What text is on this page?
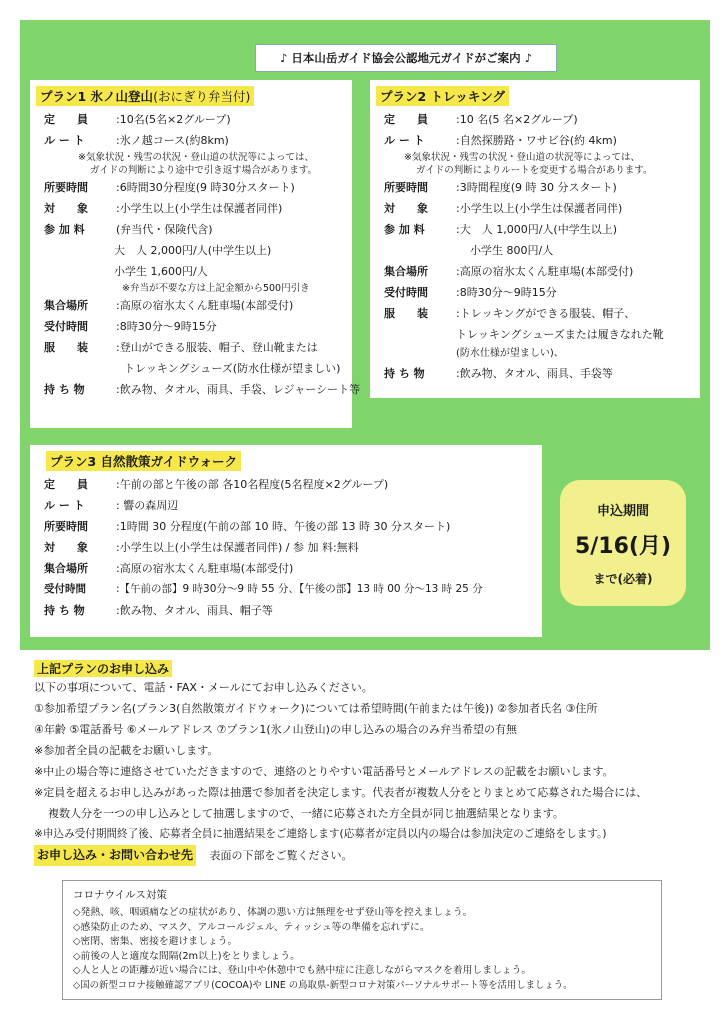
♪ 日本山岳ガイド協会公認地元ガイドがご案内 ♪
プラン1 氷ノ山登山(おにぎり弁当付)
定　　員	:10名(5名×2グループ)
ル ー ト	:氷ノ越コース(約8km)
※気象状況・残雪の状況・登山道の状況等によっては、
ガイドの判断により途中で引き返す場合があります。
所要時間	:6時間30分程度(9 時30分スタート)
対　　象	:小学生以上(小学生は保護者同伴)
参 加 料	(弁当代・保険代含)
大　人 2,000円/人(中学生以上)
小学生 1,600円/人
※弁当が不要な方は上記金額から500円引き
集合場所	:高原の宿氷太くん駐車場(本部受付)
受付時間	:8時30分～9時15分
服　　装	:登山ができる服装、帽子、登山靴または
トレッキングシューズ(防水仕様が望ましい)
持 ち 物	:飲み物、タオル、雨具、手袋、レジャーシート等
プラン2 トレッキング
定　　員	:10 名(5 名×2グループ)
ル ー ト	:自然探勝路・ワサビ谷(約 4km)
※気象状況・残雪の状況・登山道の状況等によっては、
ガイドの判断によりルートを変更する場合があります。
所要時間	:3時間程度(9 時 30 分スタート)
対　　象	:小学生以上(小学生は保護者同伴)
参 加 料	:大　人 1,000円/人(中学生以上)
小学生 800円/人
集合場所	:高原の宿氷太くん駐車場(本部受付)
受付時間	:8時30分～9時15分
服　　装	:トレッキングができる服装、帽子、
トレッキングシューズまたは履きなれた靴
(防水仕様が望ましい)、
持 ち 物	:飲み物、タオル、雨具、手袋等
プラン3 自然散策ガイドウォーク
定　　員	:午前の部と午後の部 各10名程度(5名程度×2グループ)
ル ー ト	: 響の森周辺
所要時間	:1時間 30 分程度(午前の部 10 時、午後の部 13 時 30 分スタート)
対　　象	:小学生以上(小学生は保護者同伴) / 参 加 料:無料
集合場所	:高原の宿氷太くん駐車場(本部受付)
受付時間	:【午前の部】9 時30分～9 時 55 分、【午後の部】13 時 00 分～13 時 25 分
持 ち 物	:飲み物、タオル、雨具、帽子等
申込期間
5/16(月)
まで(必着)
上記プランのお申し込み
以下の事項について、電話・FAX・メールにてお申し込みください。
①参加希望プラン名(プラン3(自然散策ガイドウォーク)については希望時間(午前または午後)) ②参加者氏名 ③住所
④年齢 ⑤電話番号 ⑥メールアドレス ⑦プラン1(氷ノ山登山)の申し込みの場合のみ弁当希望の有無
※参加者全員の記載をお願いします。
※中止の場合等に連絡させていただきますので、連絡のとりやすい電話番号とメールアドレスの記載をお願いします。
※定員を超えるお申し込みがあった際は抽選で参加者を決定します。代表者が複数人分をとりまとめて応募された場合には、
複数人分を一つの申し込みとして抽選しますので、一緒に応募された方全員が同じ抽選結果となります。
※申込み受付期間終了後、応募者全員に抽選結果をご連絡します(応募者が定員以内の場合は参加決定のご連絡をします。)
お申し込み・お問い合わせ先 表面の下部をご覧ください。
コロナウイルス対策
◇発熱、咳、咽頭痛などの症状があり、体調の悪い方は無理をせず登山等を控えましょう。
◇感染防止のため、マスク、アルコールジェル、ティッシュ等の準備を忘れずに。
◇密閉、密集、密接を避けましょう。
◇前後の人と適度な間隔(2m以上)をとりましょう。
◇人と人との距離が近い場合には、登山中や休憩中でも熱中症に注意しながらマスクを着用しましょう。
◇国の新型コロナ接触確認アプリ(COCOA)や LINE の鳥取県-新型コロナ対策パーソナルサポート等を活用しましょう。
